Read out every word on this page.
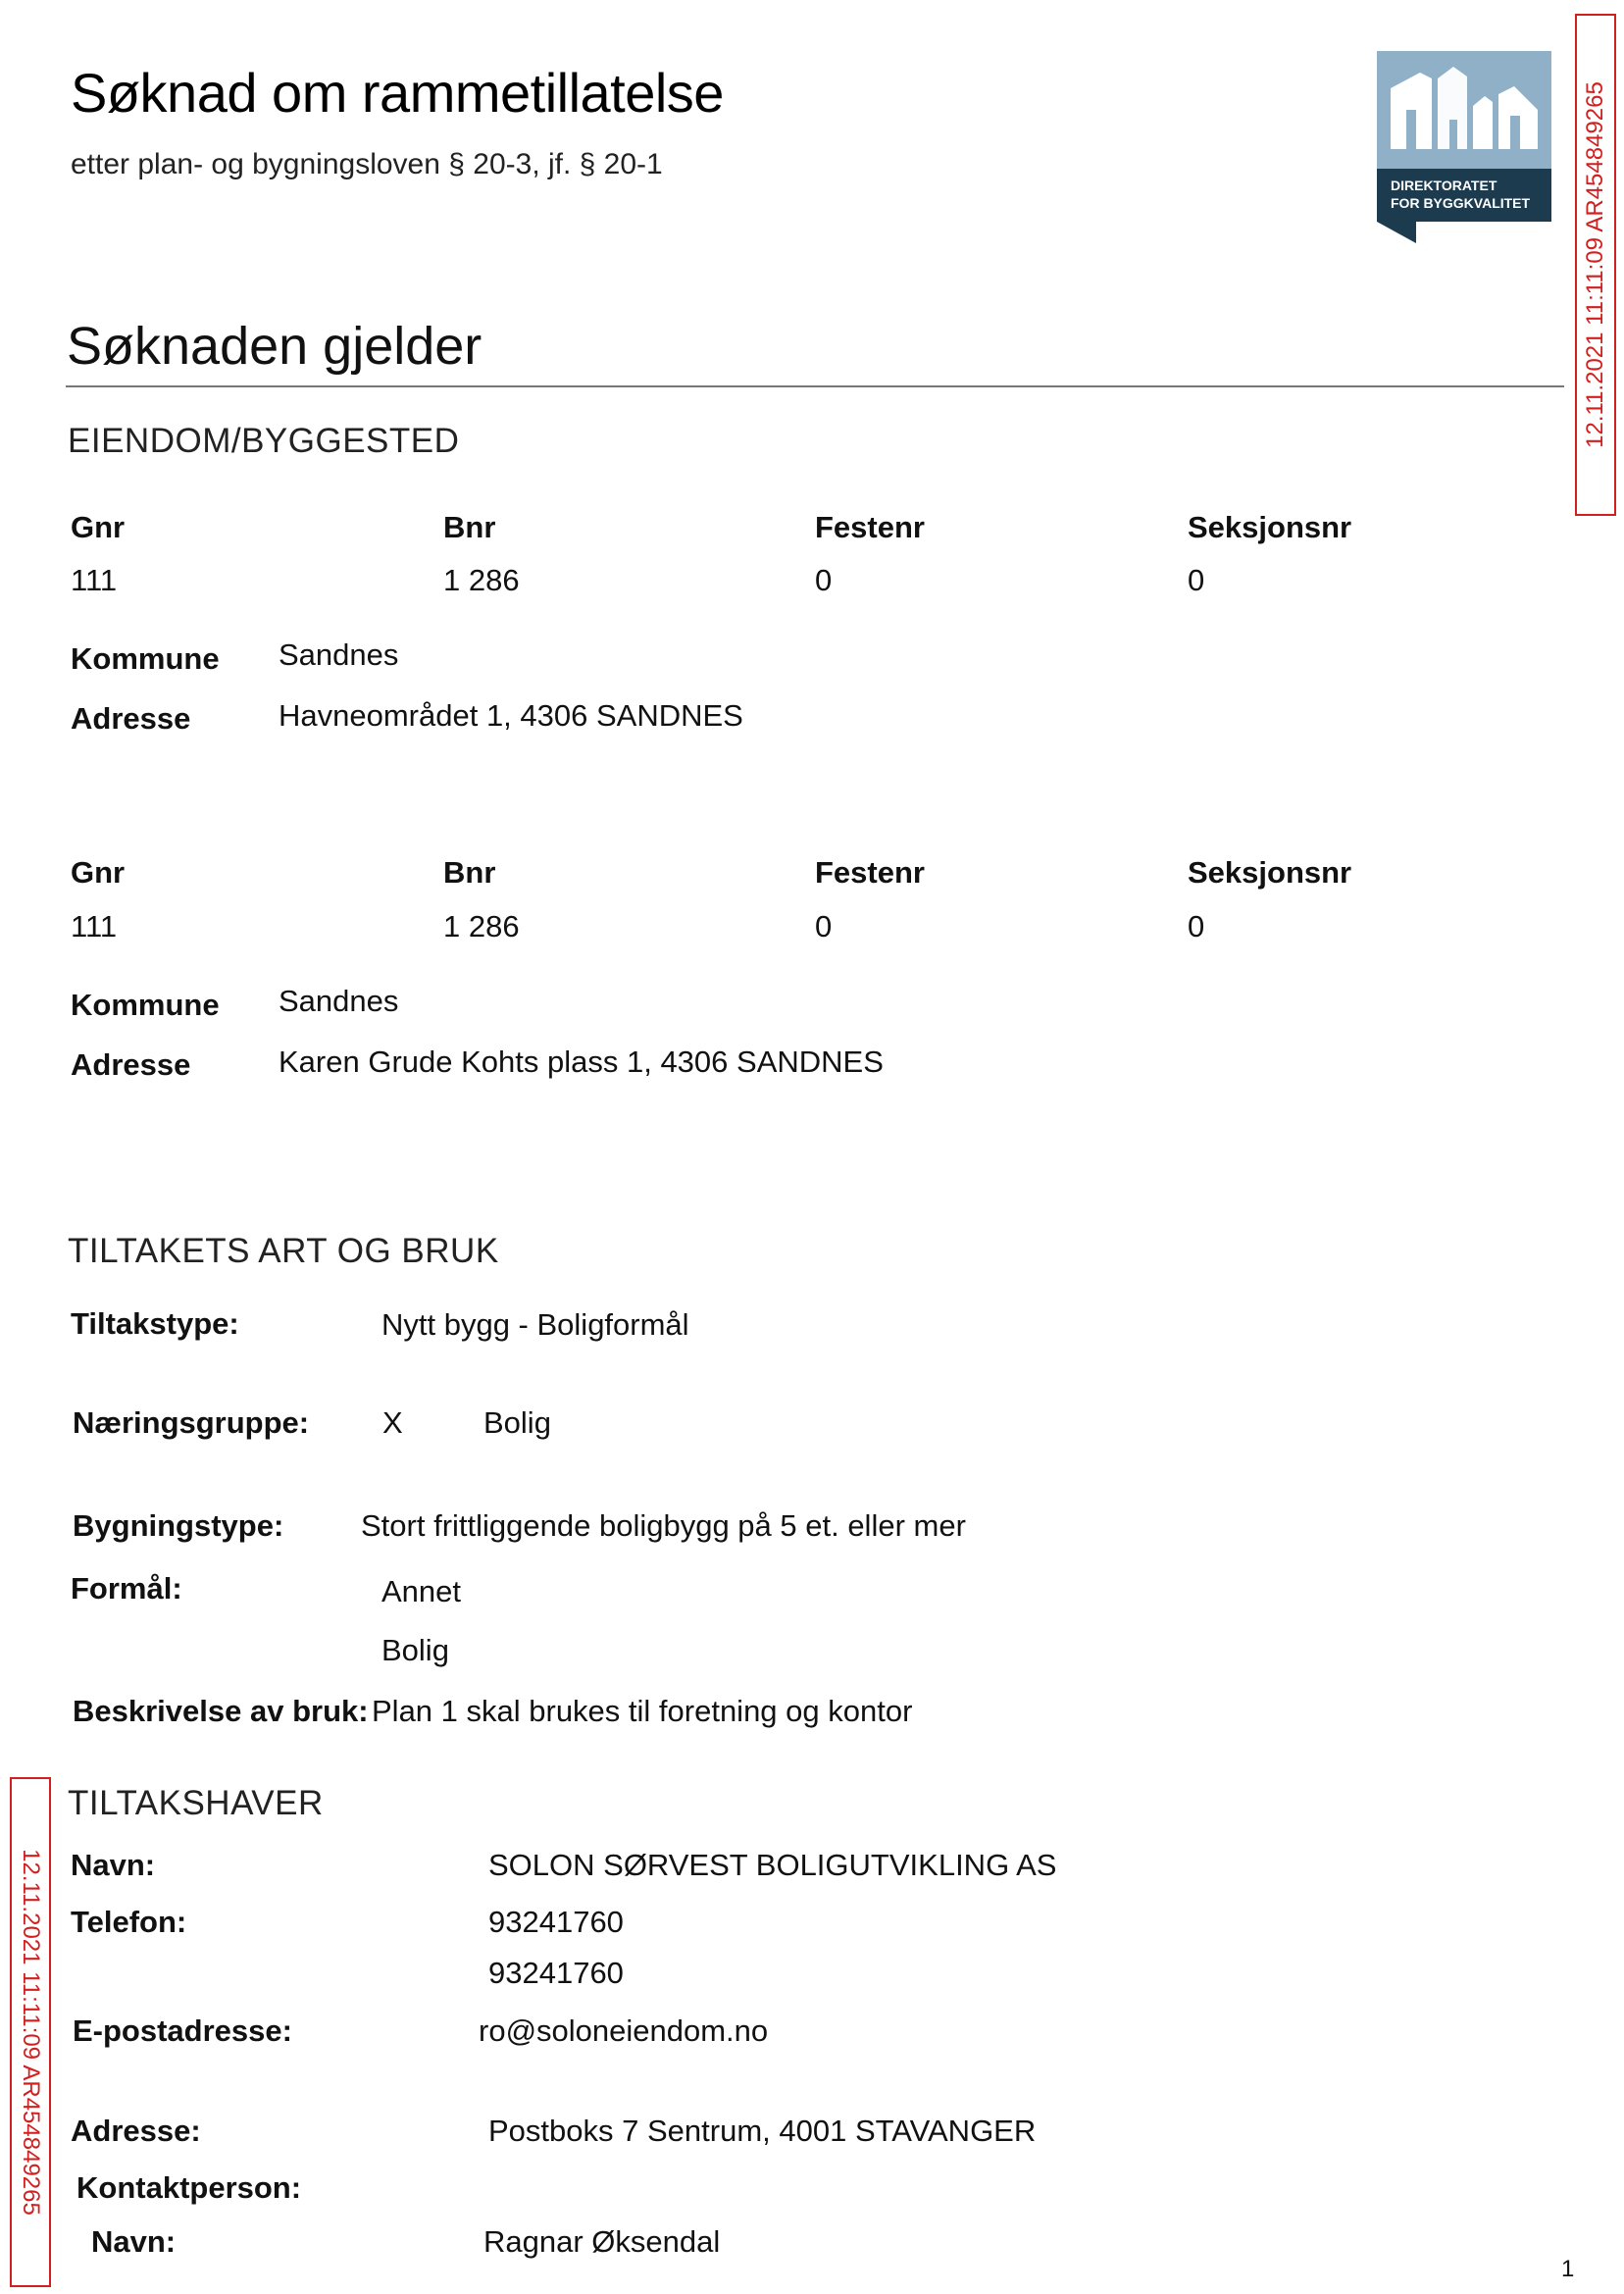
Søknad om rammetillatelse
etter plan- og bygningsloven § 20-3, jf. § 20-1
DIREKTORATET
FOR BYGGKVALITET 12.11.2021 11:11:09 AR454849265
12.11.2021 11:11:09 AR454849265
Søknaden gjelder
EIENDOM/BYGGESTED
Gnr	Bnr	Festenr	Seksjonsnr
111	1 286	0	0
Kommune Sandnes
Adresse	Havneområdet 1, 4306 SANDNES
Gnr	Bnr	Festenr	Seksjonsnr
111	1 286	0	0
Kommune Sandnes
Adresse	Karen Grude Kohts plass 1, 4306 SANDNES
TILTAKETS ART OG BRUK
Tiltakstype:	Nytt bygg - Boligformål
Næringsgruppe: X	Bolig
Bygningstype:	Stort frittliggende boligbygg på 5 et. eller mer
Formål:	Annet
Bolig
Beskrivelse av bruk: Plan 1 skal brukes til foretning og kontor
TILTAKSHAVER
Navn:	SOLON SØRVEST BOLIGUTVIKLING AS
Telefon:	93241760
93241760
E-postadresse:	ro@soloneiendom.no
Adresse:	Postboks 7 Sentrum, 4001 STAVANGER
Kontaktperson:
Navn:	Ragnar Øksendal
1
